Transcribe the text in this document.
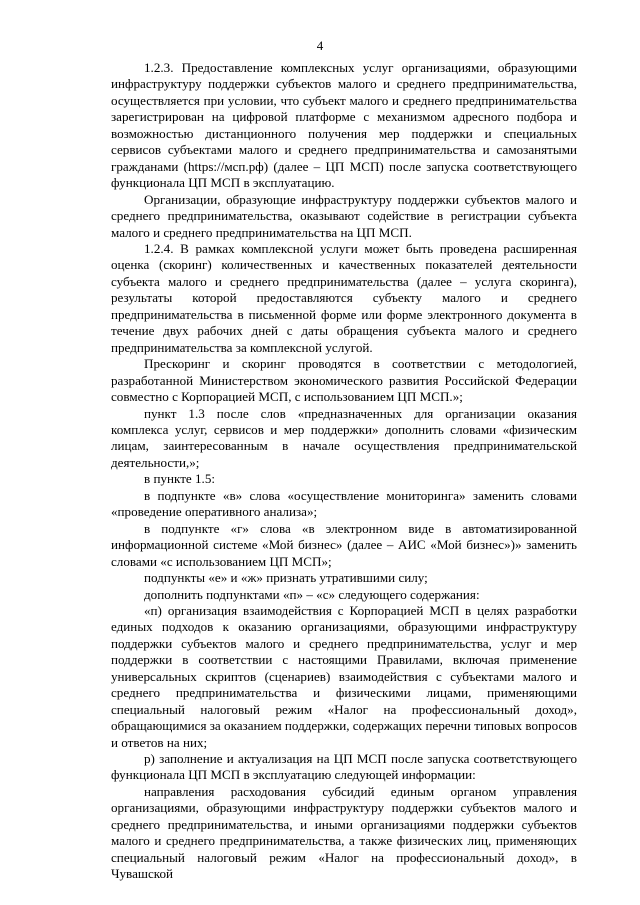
4

1.2.3. Предоставление комплексных услуг организациями, образующими инфраструктуру поддержки субъектов малого и среднего предпринимательства, осуществляется при условии, что субъект малого и среднего предпринимательства зарегистрирован на цифровой платформе с механизмом адресного подбора и возможностью дистанционного получения мер поддержки и специальных сервисов субъектами малого и среднего предпринимательства и самозанятыми гражданами (https://мсп.рф) (далее – ЦП МСП) после запуска соответствующего функционала ЦП МСП в эксплуатацию.

Организации, образующие инфраструктуру поддержки субъектов малого и среднего предпринимательства, оказывают содействие в регистрации субъекта малого и среднего предпринимательства на ЦП МСП.

1.2.4. В рамках комплексной услуги может быть проведена расширенная оценка (скоринг) количественных и качественных показателей деятельности субъекта малого и среднего предпринимательства (далее – услуга скоринга), результаты которой предоставляются субъекту малого и среднего предпринимательства в письменной форме или форме электронного документа в течение двух рабочих дней с даты обращения субъекта малого и среднего предпринимательства за комплексной услугой.

Прескоринг и скоринг проводятся в соответствии с методологией, разработанной Министерством экономического развития Российской Федерации совместно с Корпорацией МСП, с использованием ЦП МСП.»;

пункт 1.3 после слов «предназначенных для организации оказания комплекса услуг, сервисов и мер поддержки» дополнить словами «физическим лицам, заинтересованным в начале осуществления предпринимательской деятельности,»;

в пункте 1.5:

в подпункте «в» слова «осуществление мониторинга» заменить словами «проведение оперативного анализа»;

в подпункте «г» слова «в электронном виде в автоматизированной информационной системе «Мой бизнес» (далее – АИС «Мой бизнес»)» заменить словами «с использованием ЦП МСП»;

подпункты «е» и «ж» признать утратившими силу;

дополнить подпунктами «п» – «с» следующего содержания:

«п) организация взаимодействия с Корпорацией МСП в целях разработки единых подходов к оказанию организациями, образующими инфраструктуру поддержки субъектов малого и среднего предпринимательства, услуг и мер поддержки в соответствии с настоящими Правилами, включая применение универсальных скриптов (сценариев) взаимодействия с субъектами малого и среднего предпринимательства и физическими лицами, применяющими специальный налоговый режим «Налог на профессиональный доход», обращающимися за оказанием поддержки, содержащих перечни типовых вопросов и ответов на них;

р) заполнение и актуализация на ЦП МСП после запуска соответствующего функционала ЦП МСП в эксплуатацию следующей информации:

направления расходования субсидий единым органом управления организациями, образующими инфраструктуру поддержки субъектов малого и среднего предпринимательства, и иными организациями поддержки субъектов малого и среднего предпринимательства, а также физических лиц, применяющих специальный налоговый режим «Налог на профессиональный доход», в Чувашской
